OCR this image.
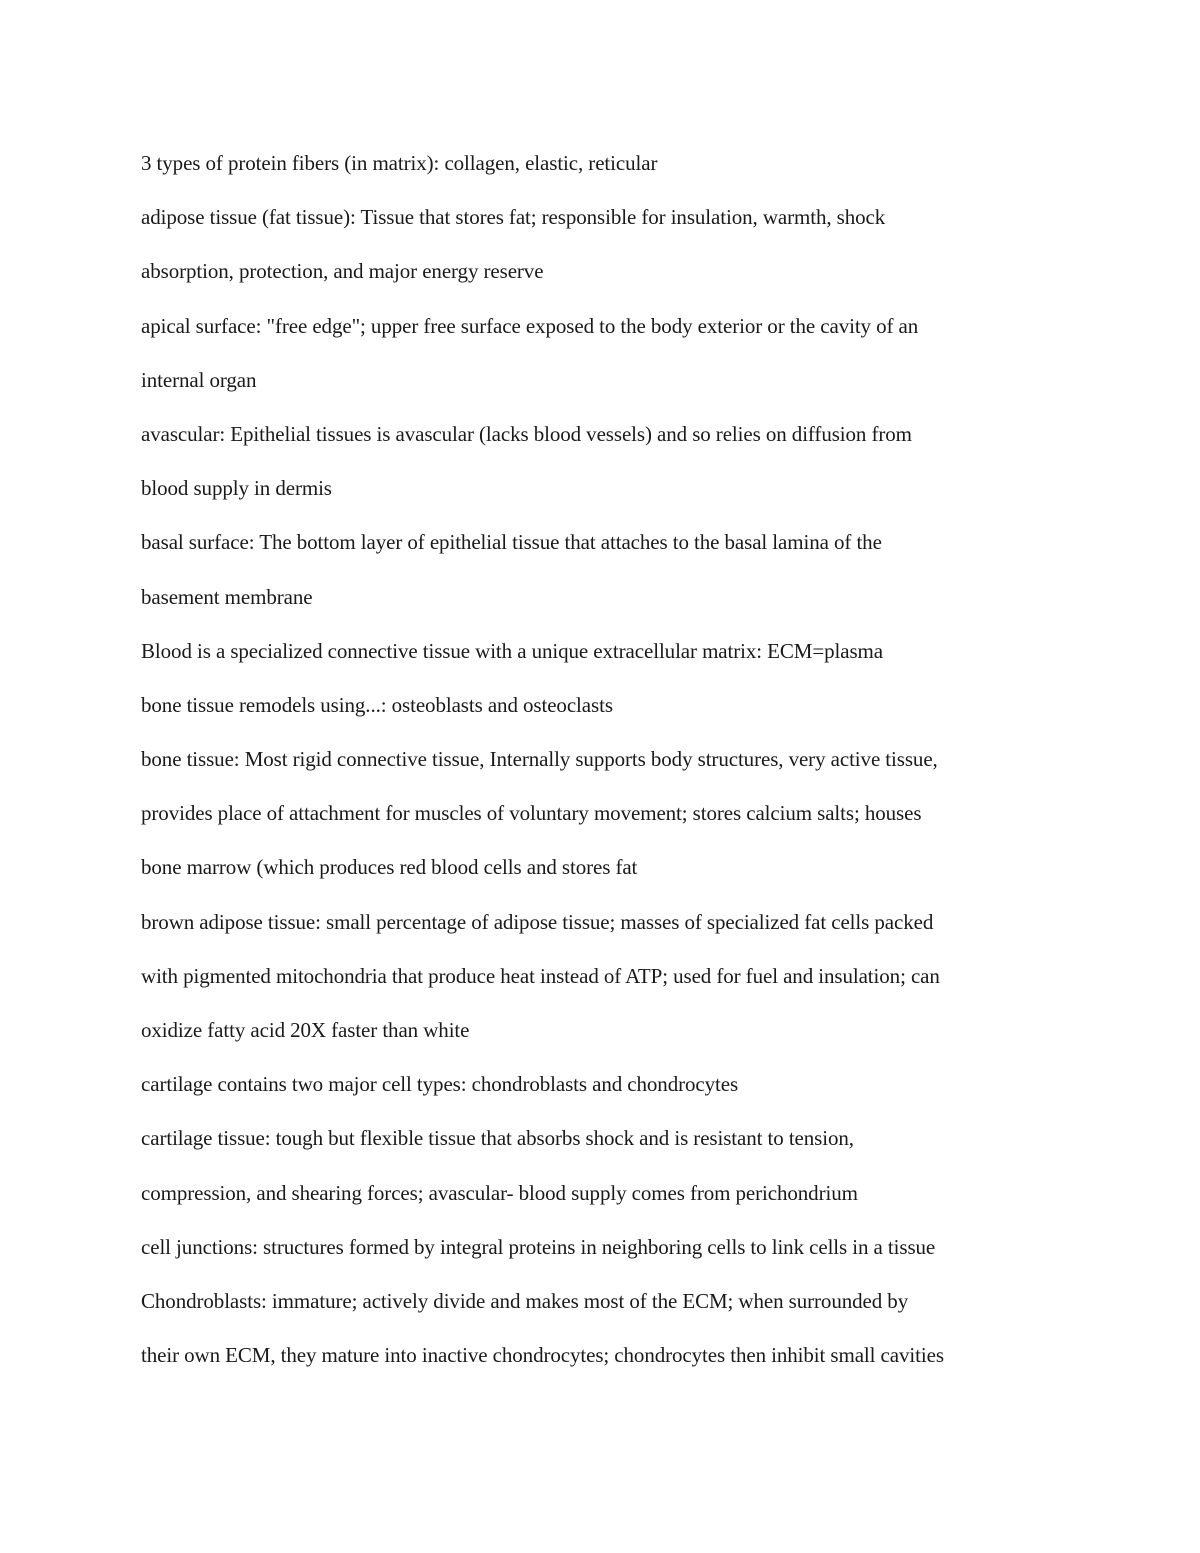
3 types of protein fibers (in matrix): collagen, elastic, reticular
adipose tissue (fat tissue): Tissue that stores fat; responsible for insulation, warmth, shock
absorption, protection, and major energy reserve
apical surface: "free edge"; upper free surface exposed to the body exterior or the cavity of an
internal organ
avascular: Epithelial tissues is avascular (lacks blood vessels) and so relies on diffusion from
blood supply in dermis
basal surface: The bottom layer of epithelial tissue that attaches to the basal lamina of the
basement membrane
Blood is a specialized connective tissue with a unique extracellular matrix: ECM=plasma
bone tissue remodels using...: osteoblasts and osteoclasts
bone tissue: Most rigid connective tissue, Internally supports body structures, very active tissue,
provides place of attachment for muscles of voluntary movement; stores calcium salts; houses
bone marrow (which produces red blood cells and stores fat
brown adipose tissue: small percentage of adipose tissue; masses of specialized fat cells packed
with pigmented mitochondria that produce heat instead of ATP; used for fuel and insulation; can
oxidize fatty acid 20X faster than white
cartilage contains two major cell types: chondroblasts and chondrocytes
cartilage tissue: tough but flexible tissue that absorbs shock and is resistant to tension,
compression, and shearing forces; avascular- blood supply comes from perichondrium
cell junctions: structures formed by integral proteins in neighboring cells to link cells in a tissue
Chondroblasts: immature; actively divide and makes most of the ECM; when surrounded by
their own ECM, they mature into inactive chondrocytes; chondrocytes then inhibit small cavities
